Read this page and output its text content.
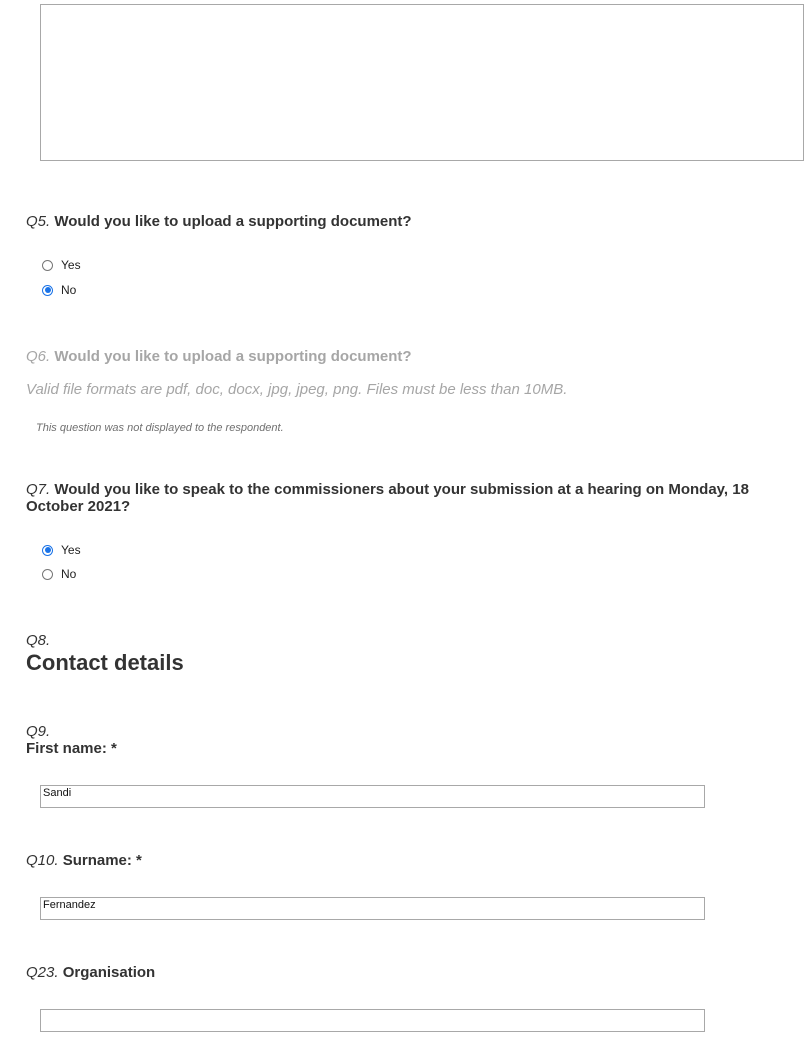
Q5. Would you like to upload a supporting document?
Yes
No
Q6. Would you like to upload a supporting document?
Valid file formats are pdf, doc, docx, jpg, jpeg, png. Files must be less than 10MB.
This question was not displayed to the respondent.
Q7. Would you like to speak to the commissioners about your submission at a hearing on Monday, 18 October 2021?
Yes
No
Q8.
Contact details
Q9.
First name: *
Sandi
Q10. Surname: *
Fernandez
Q23. Organisation
